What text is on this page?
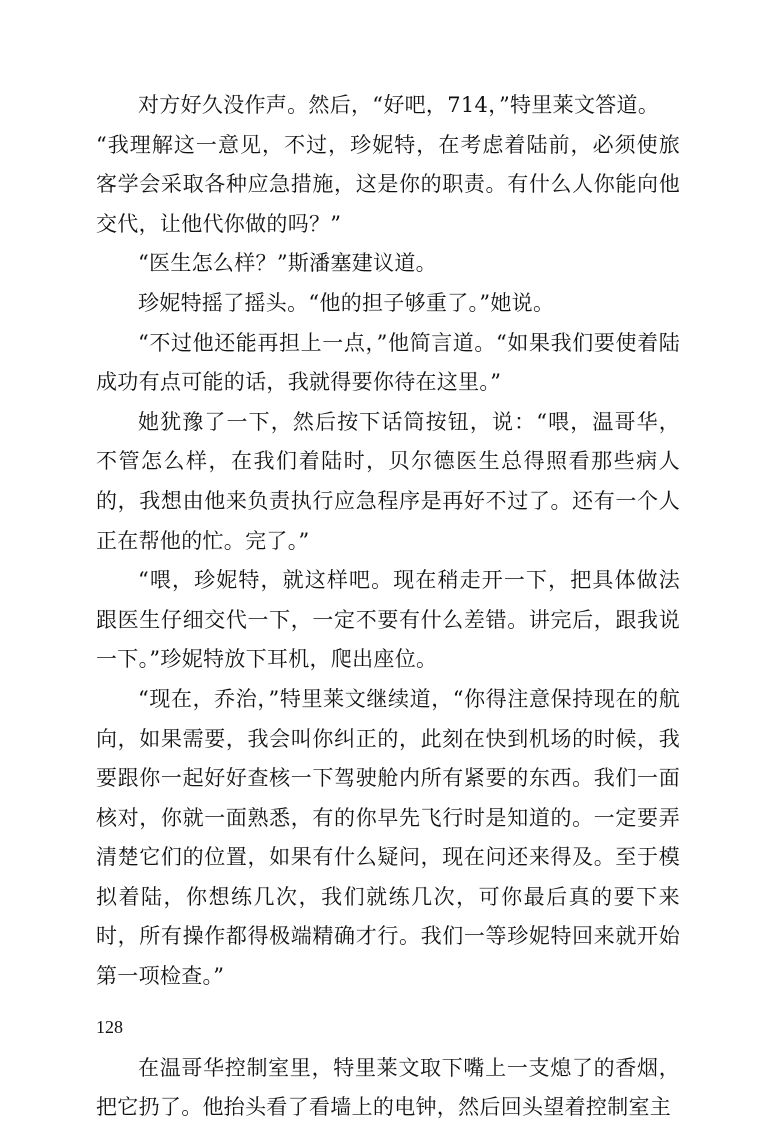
对方好久没作声。然后，“好吧，714，”特里莱文答道。

“我理解这一意见，不过，珍妮特，在考虑着陆前，必须使旅客学会采取各种应急措施，这是你的职责。有什么人你能向他交代，让他代你做的吗？”

“医生怎么样？”斯潘塞建议道。

珍妮特摇了摇头。“他的担子够重了。”她说。

“不过他还能再担上一点，”他简言道。“如果我们要使着陆成功有点可能的话，我就得要你待在这里。”

她犹豫了一下，然后按下话筒按钮，说：“喂，温哥华，不管怎么样，在我们着陆时，贝尔德医生总得照看那些病人的，我想由他来负责执行应急程序是再好不过了。还有一个人正在帮他的忙。完了。”

“喂，珍妮特，就这样吧。现在稍走开一下，把具体做法跟医生仔细交代一下，一定不要有什么差错。讲完后，跟我说一下。”珍妮特放下耳机，爬出座位。

“现在，乔治，”特里莱文继续道，“你得注意保持现在的航向，如果需要，我会叫你纠正的，此刻在快到机场的时候，我要跟你一起好好查核一下驾驶舱内所有紧要的东西。我们一面核对，你就一面熟悉，有的你早先飞行时是知道的。一定要弄清楚它们的位置，如果有什么疑问，现在问还来得及。至于模拟着陆，你想练几次，我们就练几次，可你最后真的要下来时，所有操作都得极端精确才行。我们一等珍妮特回来就开始第一项检查。”

在温哥华控制室里，特里莱文取下嘴上一支熄了的香烟，把它扔了。他抬头看了看墙上的电钟，然后回头望着控制室主

128
